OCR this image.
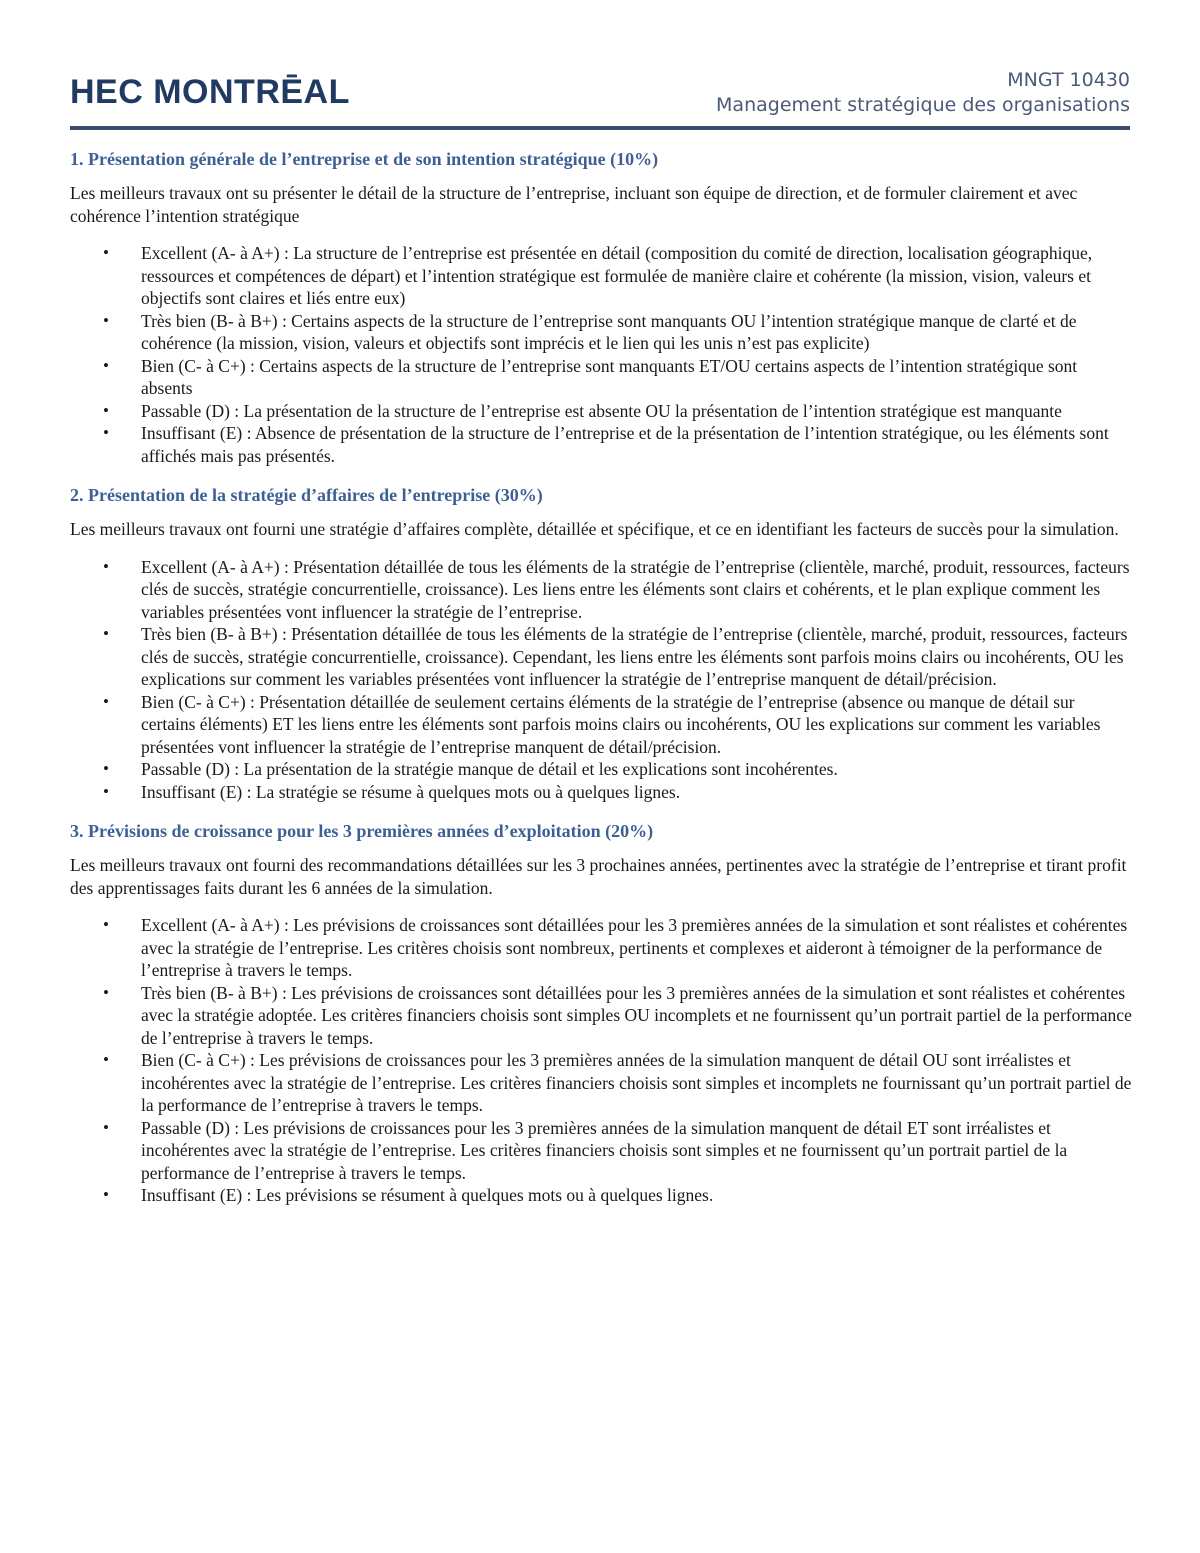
HEC MONTRĒAL	MNGT 10430
Management stratégique des organisations
1. Présentation générale de l’entreprise et de son intention stratégique (10%)
Les meilleurs travaux ont su présenter le détail de la structure de l’entreprise, incluant son équipe de direction, et de formuler clairement et avec cohérence l’intention stratégique
• Excellent (A- à A+) : La structure de l’entreprise est présentée en détail (composition du comité de direction, localisation géographique, ressources et compétences de départ) et l’intention stratégique est formulée de manière claire et cohérente (la mission, vision, valeurs et objectifs sont claires et liés entre eux)
• Très bien (B- à B+) : Certains aspects de la structure de l’entreprise sont manquants OU l’intention stratégique manque de clarté et de cohérence (la mission, vision, valeurs et objectifs sont imprécis et le lien qui les unis n’est pas explicite)
• Bien (C- à C+) : Certains aspects de la structure de l’entreprise sont manquants ET/OU certains aspects de l’intention stratégique sont absents
• Passable (D) : La présentation de la structure de l’entreprise est absente OU la présentation de l’intention stratégique est manquante
• Insuffisant (E) : Absence de présentation de la structure de l’entreprise et de la présentation de l’intention stratégique, ou les éléments sont affichés mais pas présentés.
2. Présentation de la stratégie d’affaires de l’entreprise (30%)
Les meilleurs travaux ont fourni une stratégie d’affaires complète, détaillée et spécifique, et ce en identifiant les facteurs de succès pour la simulation.
• Excellent (A- à A+) : Présentation détaillée de tous les éléments de la stratégie de l’entreprise (clientèle, marché, produit, ressources, facteurs clés de succès, stratégie concurrentielle, croissance). Les liens entre les éléments sont clairs et cohérents, et le plan explique comment les variables présentées vont influencer la stratégie de l’entreprise.
• Très bien (B- à B+) : Présentation détaillée de tous les éléments de la stratégie de l’entreprise (clientèle, marché, produit, ressources, facteurs clés de succès, stratégie concurrentielle, croissance). Cependant, les liens entre les éléments sont parfois moins clairs ou incohérents, OU les explications sur comment les variables présentées vont influencer la stratégie de l’entreprise manquent de détail/précision.
• Bien (C- à C+) : Présentation détaillée de seulement certains éléments de la stratégie de l’entreprise (absence ou manque de détail sur certains éléments) ET les liens entre les éléments sont parfois moins clairs ou incohérents, OU les explications sur comment les variables présentées vont influencer la stratégie de l’entreprise manquent de détail/précision.
• Passable (D) : La présentation de la stratégie manque de détail et les explications sont incohérentes.
• Insuffisant (E) : La stratégie se résume à quelques mots ou à quelques lignes.
3. Prévisions de croissance pour les 3 premières années d’exploitation (20%)
Les meilleurs travaux ont fourni des recommandations détaillées sur les 3 prochaines années, pertinentes avec la stratégie de l’entreprise et tirant profit des apprentissages faits durant les 6 années de la simulation.
• Excellent (A- à A+) : Les prévisions de croissances sont détaillées pour les 3 premières années de la simulation et sont réalistes et cohérentes avec la stratégie de l’entreprise. Les critères choisis sont nombreux, pertinents et complexes et aideront à témoigner de la performance de l’entreprise à travers le temps.
• Très bien (B- à B+) : Les prévisions de croissances sont détaillées pour les 3 premières années de la simulation et sont réalistes et cohérentes avec la stratégie adoptée. Les critères financiers choisis sont simples OU incomplets et ne fournissent qu’un portrait partiel de la performance de l’entreprise à travers le temps.
• Bien (C- à C+) : Les prévisions de croissances pour les 3 premières années de la simulation manquent de détail OU sont irréalistes et incohérentes avec la stratégie de l’entreprise. Les critères financiers choisis sont simples et incomplets ne fournissant qu’un portrait partiel de la performance de l’entreprise à travers le temps.
• Passable (D) : Les prévisions de croissances pour les 3 premières années de la simulation manquent de détail ET sont irréalistes et incohérentes avec la stratégie de l’entreprise. Les critères financiers choisis sont simples et ne fournissent qu’un portrait partiel de la performance de l’entreprise à travers le temps.
• Insuffisant (E) : Les prévisions se résument à quelques mots ou à quelques lignes.
